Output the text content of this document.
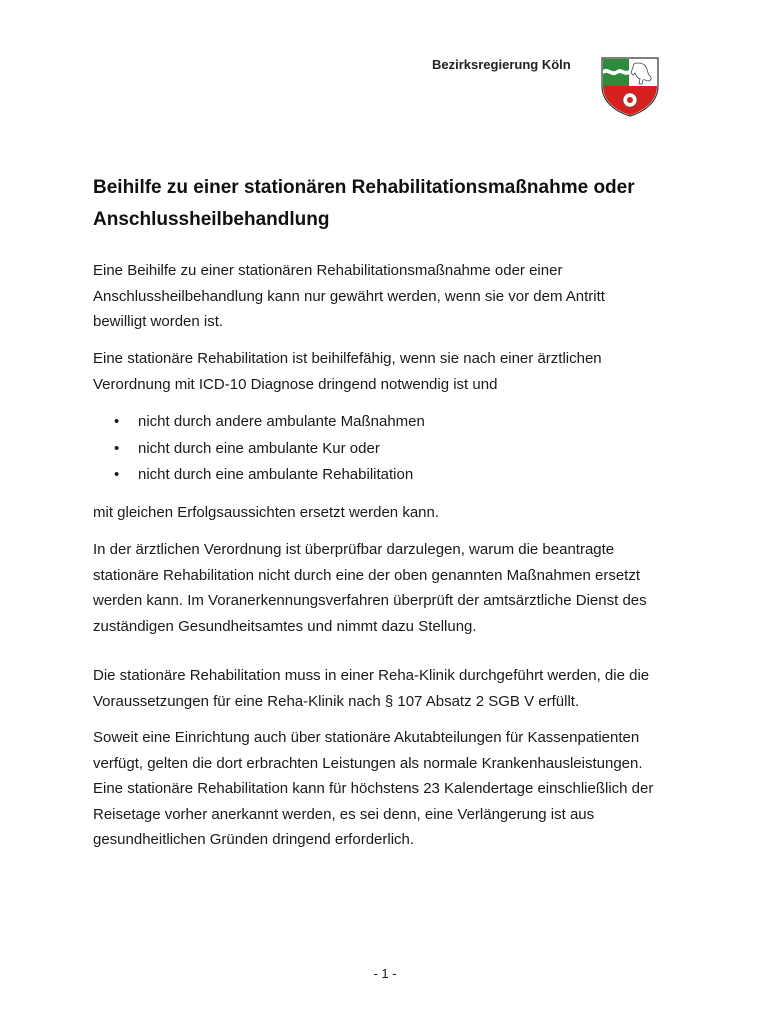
Bezirksregierung Köln
Beihilfe zu einer stationären Rehabilitationsmaßnahme oder
Anschlussheilbehandlung

Eine Beihilfe zu einer stationären Rehabilitationsmaßnahme oder einer
Anschlussheilbehandlung kann nur gewährt werden, wenn sie vor dem Antritt
bewilligt worden ist.

Eine stationäre Rehabilitation ist beihilfefähig, wenn sie nach einer ärztlichen
Verordnung mit ICD-10 Diagnose dringend notwendig ist und

• nicht durch andere ambulante Maßnahmen
• nicht durch eine ambulante Kur oder
• nicht durch eine ambulante Rehabilitation

mit gleichen Erfolgsaussichten ersetzt werden kann.

In der ärztlichen Verordnung ist überprüfbar darzulegen, warum die beantragte
stationäre Rehabilitation nicht durch eine der oben genannten Maßnahmen ersetzt
werden kann. Im Voranerkennungsverfahren überprüft der amtsärztliche Dienst des
zuständigen Gesundheitsamtes und nimmt dazu Stellung.

Die stationäre Rehabilitation muss in einer Reha-Klinik durchgeführt werden, die die
Voraussetzungen für eine Reha-Klinik nach § 107 Absatz 2 SGB V erfüllt.

Soweit eine Einrichtung auch über stationäre Akutabteilungen für Kassenpatienten
verfügt, gelten die dort erbrachten Leistungen als normale Krankenhausleistungen.
Eine stationäre Rehabilitation kann für höchstens 23 Kalendertage einschließlich der
Reisetage vorher anerkannt werden, es sei denn, eine Verlängerung ist aus
gesundheitlichen Gründen dringend erforderlich.

- 1 -
